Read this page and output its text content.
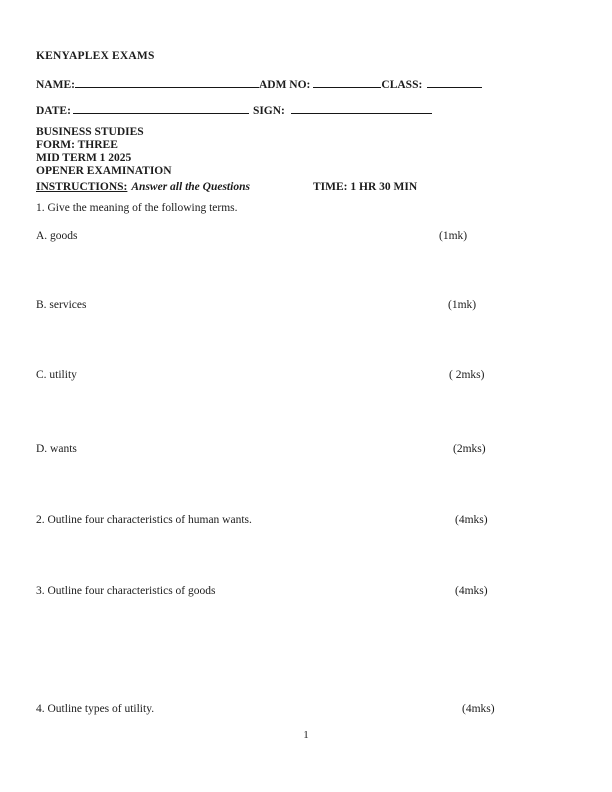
KENYAPLEX EXAMS
NAME:	ADM NO:	CLASS:
DATE:	SIGN:
BUSINESS STUDIES
FORM: THREE
MID TERM 1 2025
OPENER EXAMINATION
INSTRUCTIONS: Answer all the Questions	TIME: 1 HR 30 MIN
1. Give the meaning of the following terms.
A. goods	(1mk)
B. services	(1mk)
C. utility	( 2mks)
D. wants	(2mks)
2. Outline four characteristics of human wants.	(4mks)
3. Outline four characteristics of goods	(4mks)
4. Outline types of utility.	(4mks)
1
